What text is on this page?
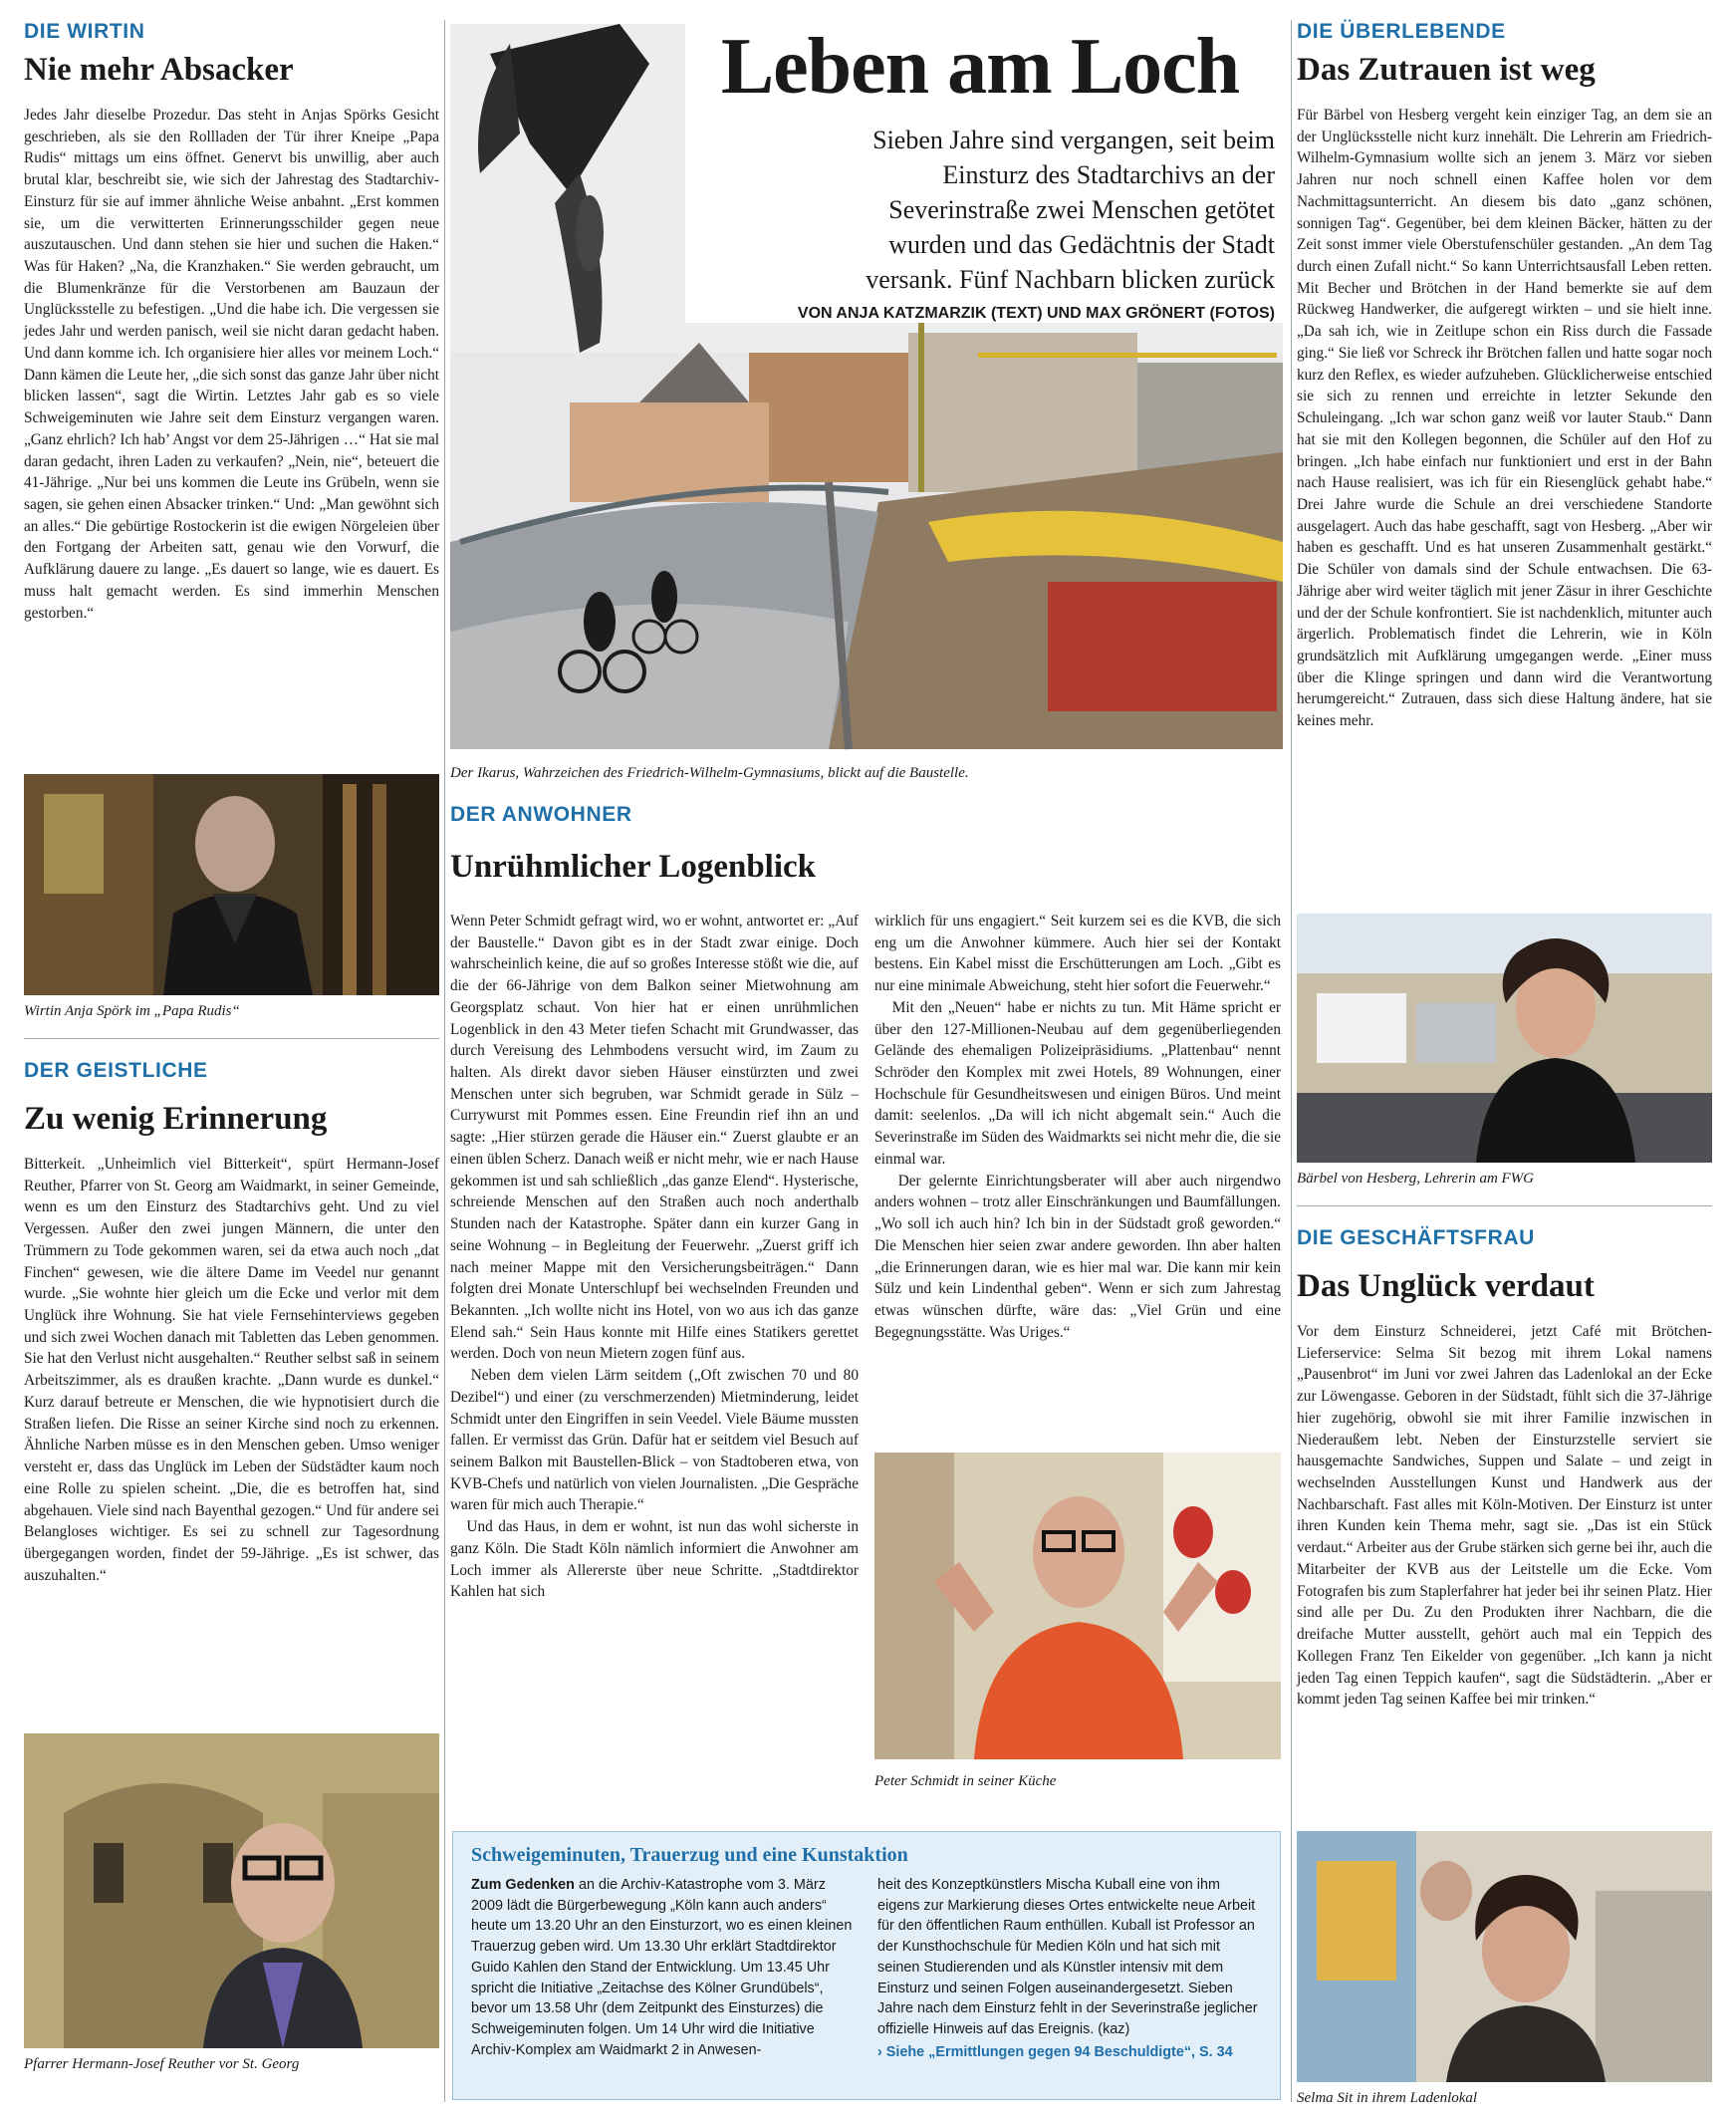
DIE WIRTIN
Nie mehr Absacker

Jedes Jahr dieselbe Prozedur. Das steht in Anjas Spörks Gesicht geschrieben, als sie den Rollladen der Tür ihrer Kneipe „Papa Rudis“ mittags um eins öffnet. Genervt bis unwillig, aber auch brutal klar, beschreibt sie, wie sich der Jahrestag des Stadtarchiv-Einsturz für sie auf immer ähnliche Weise anbahnt. „Erst kommen sie, um die verwitterten Erinnerungsschilder gegen neue auszutauschen. Und dann stehen sie hier und suchen die Haken.“ Was für Haken? „Na, die Kranzhaken.“ Sie werden gebraucht, um die Blumenkränze für die Verstorbenen am Bauzaun der Unglücksstelle zu befestigen. „Und die habe ich. Die vergessen sie jedes Jahr und werden panisch, weil sie nicht daran gedacht haben. Und dann komme ich. Ich organisiere hier alles vor meinem Loch.“ Dann kämen die Leute her, „die sich sonst das ganze Jahr über nicht blicken lassen“, sagt die Wirtin. Letztes Jahr gab es so viele Schweigeminuten wie Jahre seit dem Einsturz vergangen waren. „Ganz ehrlich? Ich hab’ Angst vor dem 25-Jährigen …“ Hat sie mal daran gedacht, ihren Laden zu verkaufen? „Nein, nie“, beteuert die 41-Jährige. „Nur bei uns kommen die Leute ins Grübeln, wenn sie sagen, sie gehen einen Absacker trinken.“ Und: „Man gewöhnt sich an alles.“ Die gebürtige Rostockerin ist die ewigen Nörgeleien über den Fortgang der Arbeiten satt, genau wie den Vorwurf, die Aufklärung dauere zu lange. „Es dauert so lange, wie es dauert. Es muss halt gemacht werden. Es sind immerhin Menschen gestorben.“

Wirtin Anja Spörk im „Papa Rudis“
DER GEISTLICHE
Zu wenig Erinnerung

Bitterkeit. „Unheimlich viel Bitterkeit“, spürt Hermann-Josef Reuther, Pfarrer von St. Georg am Waidmarkt, in seiner Gemeinde, wenn es um den Einsturz des Stadtarchivs geht. Und zu viel Vergessen. Außer den zwei jungen Männern, die unter den Trümmern zu Tode gekommen waren, sei da etwa auch noch „dat Finchen“ gewesen, wie die ältere Dame im Veedel nur genannt wurde. „Sie wohnte hier gleich um die Ecke und verlor mit dem Unglück ihre Wohnung. Sie hat viele Fernsehinterviews gegeben und sich zwei Wochen danach mit Tabletten das Leben genommen. Sie hat den Verlust nicht ausgehalten.“ Reuther selbst saß in seinem Arbeitszimmer, als es draußen krachte. „Dann wurde es dunkel.“ Kurz darauf betreute er Menschen, die wie hypnotisiert durch die Straßen liefen. Die Risse an seiner Kirche sind noch zu erkennen. Ähnliche Narben müsse es in den Menschen geben. Umso weniger versteht er, dass das Unglück im Leben der Südstädter kaum noch eine Rolle zu spielen scheint. „Die, die es betroffen hat, sind abgehauen. Viele sind nach Bayenthal gezogen.“ Und für andere sei Belangloses wichtiger. Es sei zu schnell zur Tagesordnung übergegangen worden, findet der 59-Jährige. „Es ist schwer, das auszuhalten.“

Pfarrer Hermann-Josef Reuther vor St. Georg
Leben am Loch

Sieben Jahre sind vergangen, seit beim
Einsturz des Stadtarchivs an der
Severinstraße zwei Menschen getötet
wurden und das Gedächtnis der Stadt
versank. Fünf Nachbarn blicken zurück

VON ANJA KATZMARZIK (TEXT) UND MAX GRÖNERT (FOTOS)
Der Ikarus, Wahrzeichen des Friedrich-Wilhelm-Gymnasiums, blickt auf die Baustelle.
DER ANWOHNER
Unrühmlicher Logenblick

Wenn Peter Schmidt gefragt wird, wo er wohnt, antwortet er: „Auf der Baustelle.“ Davon gibt es in der Stadt zwar einige. Doch wahrscheinlich keine, die auf so großes Interesse stößt wie die, auf die der 66-Jährige von dem Balkon seiner Mietwohnung am Georgsplatz schaut. Von hier hat er einen unrühmlichen Logenblick in den 43 Meter tiefen Schacht mit Grundwasser, das durch Vereisung des Lehmbodens versucht wird, im Zaum zu halten. Als direkt davor sieben Häuser einstürzten und zwei Menschen unter sich begruben, war Schmidt gerade in Sülz – Currywurst mit Pommes essen. Eine Freundin rief ihn an und sagte: „Hier stürzen gerade die Häuser ein.“ Zuerst glaubte er an einen üblen Scherz. Danach weiß er nicht mehr, wie er nach Hause gekommen ist und sah schließlich „das ganze Elend“. Hysterische, schreiende Menschen auf den Straßen auch noch anderthalb Stunden nach der Katastrophe. Später dann ein kurzer Gang in seine Wohnung – in Begleitung der Feuerwehr. „Zuerst griff ich nach meiner Mappe mit den Versicherungsbeiträgen.“ Dann folgten drei Monate Unterschlupf bei wechselnden Freunden und Bekannten. „Ich wollte nicht ins Hotel, von wo aus ich das ganze Elend sah.“ Sein Haus konnte mit Hilfe eines Statikers gerettet werden. Doch von neun Mietern zogen fünf aus.
Neben dem vielen Lärm seitdem („Oft zwischen 70 und 80 Dezibel“) und einer (zu verschmerzenden) Mietminderung, leidet Schmidt unter den Eingriffen in sein Veedel. Viele Bäume mussten fallen. Er vermisst das Grün. Dafür hat er seitdem viel Besuch auf seinem Balkon mit Baustellen-Blick – von Stadtoberen etwa, von KVB-Chefs und natürlich von vielen Journalisten. „Die Gespräche waren für mich auch Therapie.“
Und das Haus, in dem er wohnt, ist nun das wohl sicherste in ganz Köln. Die Stadt Köln nämlich informiert die Anwohner am Loch immer als Allererste über neue Schritte. „Stadtdirektor Kahlen hat sich

wirklich für uns engagiert.“ Seit kurzem sei es die KVB, die sich eng um die Anwohner kümmere. Auch hier sei der Kontakt bestens. Ein Kabel misst die Erschütterungen am Loch. „Gibt es nur eine minimale Abweichung, steht hier sofort die Feuerwehr.“
Mit den „Neuen“ habe er nichts zu tun. Mit Häme spricht er über den 127-Millionen-Neubau auf dem gegenüberliegenden Gelände des ehemaligen Polizeipräsidiums. „Plattenbau“ nennt Schröder den Komplex mit zwei Hotels, 89 Wohnungen, einer Hochschule für Gesundheitswesen und einigen Büros. Und meint damit: seelenlos. „Da will ich nicht abgemalt sein.“ Auch die Severinstraße im Süden des Waidmarkts sei nicht mehr die, die sie einmal war.
Der gelernte Einrichtungsberater will aber auch nirgendwo anders wohnen – trotz aller Einschränkungen und Baumfällungen. „Wo soll ich auch hin? Ich bin in der Südstadt groß geworden.“ Die Menschen hier seien zwar andere geworden. Ihn aber halten „die Erinnerungen daran, wie es hier mal war. Die kann mir kein Sülz und kein Lindenthal geben“. Wenn er sich zum Jahrestag etwas wünschen dürfte, wäre das: „Viel Grün und eine Begegnungsstätte. Was Uriges.“

Peter Schmidt in seiner Küche
Schweigeminuten, Trauerzug und eine Kunstaktion

Zum Gedenken an die Archiv-Katastrophe vom 3. März 2009 lädt die Bürgerbewegung „Köln kann auch anders“ heute um 13.20 Uhr an den Einsturzort, wo es einen kleinen Trauerzug geben wird. Um 13.30 Uhr erklärt Stadtdirektor Guido Kahlen den Stand der Entwicklung. Um 13.45 Uhr spricht die Initiative „Zeitachse des Kölner Grundübels“, bevor um 13.58 Uhr (dem Zeitpunkt des Einsturzes) die Schweigeminuten folgen. Um 14 Uhr wird die Initiative Archiv-Komplex am Waidmarkt 2 in Anwesen-

heit des Konzeptkünstlers Mischa Kuball eine von ihm eigens zur Markierung dieses Ortes entwickelte neue Arbeit für den öffentlichen Raum enthüllen. Kuball ist Professor an der Kunsthochschule für Medien Köln und hat sich mit seinen Studierenden und als Künstler intensiv mit dem Einsturz und seinen Folgen auseinandergesetzt. Sieben Jahre nach dem Einsturz fehlt in der Severinstraße jeglicher offizielle Hinweis auf das Ereignis. (kaz)

› Siehe „Ermittlungen gegen 94 Beschuldigte“, S. 34
DIE ÜBERLEBENDE
Das Zutrauen ist weg

Für Bärbel von Hesberg vergeht kein einziger Tag, an dem sie an der Unglücksstelle nicht kurz innehält. Die Lehrerin am Friedrich-Wilhelm-Gymnasium wollte sich an jenem 3. März vor sieben Jahren nur noch schnell einen Kaffee holen vor dem Nachmittagsunterricht. An diesem bis dato „ganz schönen, sonnigen Tag“. Gegenüber, bei dem kleinen Bäcker, hätten zu der Zeit sonst immer viele Oberstufenschüler gestanden. „An dem Tag durch einen Zufall nicht.“ So kann Unterrichtsausfall Leben retten. Mit Becher und Brötchen in der Hand bemerkte sie auf dem Rückweg Handwerker, die aufgeregt wirkten – und sie hielt inne. „Da sah ich, wie in Zeitlupe schon ein Riss durch die Fassade ging.“ Sie ließ vor Schreck ihr Brötchen fallen und hatte sogar noch kurz den Reflex, es wieder aufzuheben. Glücklicherweise entschied sie sich zu rennen und erreichte in letzter Sekunde den Schuleingang. „Ich war schon ganz weiß vor lauter Staub.“ Dann hat sie mit den Kollegen begonnen, die Schüler auf den Hof zu bringen. „Ich habe einfach nur funktioniert und erst in der Bahn nach Hause realisiert, was ich für ein Riesenglück gehabt habe.“ Drei Jahre wurde die Schule an drei verschiedene Standorte ausgelagert. Auch das habe geschafft, sagt von Hesberg. „Aber wir haben es geschafft. Und es hat unseren Zusammenhalt gestärkt.“ Die Schüler von damals sind der Schule entwachsen. Die 63-Jährige aber wird weiter täglich mit jener Zäsur in ihrer Geschichte und der der Schule konfrontiert. Sie ist nachdenklich, mitunter auch ärgerlich. Problematisch findet die Lehrerin, wie in Köln grundsätzlich mit Aufklärung umgegangen werde. „Einer muss über die Klinge springen und dann wird die Verantwortung herumgereicht.“ Zutrauen, dass sich diese Haltung ändere, hat sie keines mehr.

Bärbel von Hesberg, Lehrerin am FWG
DIE GESCHÄFTSFRAU
Das Unglück verdaut

Vor dem Einsturz Schneiderei, jetzt Café mit Brötchen-Lieferservice: Selma Sit bezog mit ihrem Lokal namens „Pausenbrot“ im Juni vor zwei Jahren das Ladenlokal an der Ecke zur Löwengasse. Geboren in der Südstadt, fühlt sich die 37-Jährige hier zugehörig, obwohl sie mit ihrer Familie inzwischen in Niederaußem lebt. Neben der Einsturzstelle serviert sie hausgemachte Sandwiches, Suppen und Salate – und zeigt in wechselnden Ausstellungen Kunst und Handwerk aus der Nachbarschaft. Fast alles mit Köln-Motiven. Der Einsturz ist unter ihren Kunden kein Thema mehr, sagt sie. „Das ist ein Stück verdaut.“ Arbeiter aus der Grube stärken sich gerne bei ihr, auch die Mitarbeiter der KVB aus der Leitstelle um die Ecke. Vom Fotografen bis zum Staplerfahrer hat jeder bei ihr seinen Platz. Hier sind alle per Du. Zu den Produkten ihrer Nachbarn, die die dreifache Mutter ausstellt, gehört auch mal ein Teppich des Kollegen Franz Ten Eikelder von gegenüber. „Ich kann ja nicht jeden Tag einen Teppich kaufen“, sagt die Südstädterin. „Aber er kommt jeden Tag seinen Kaffee bei mir trinken.“

Selma Sit in ihrem Ladenlokal
